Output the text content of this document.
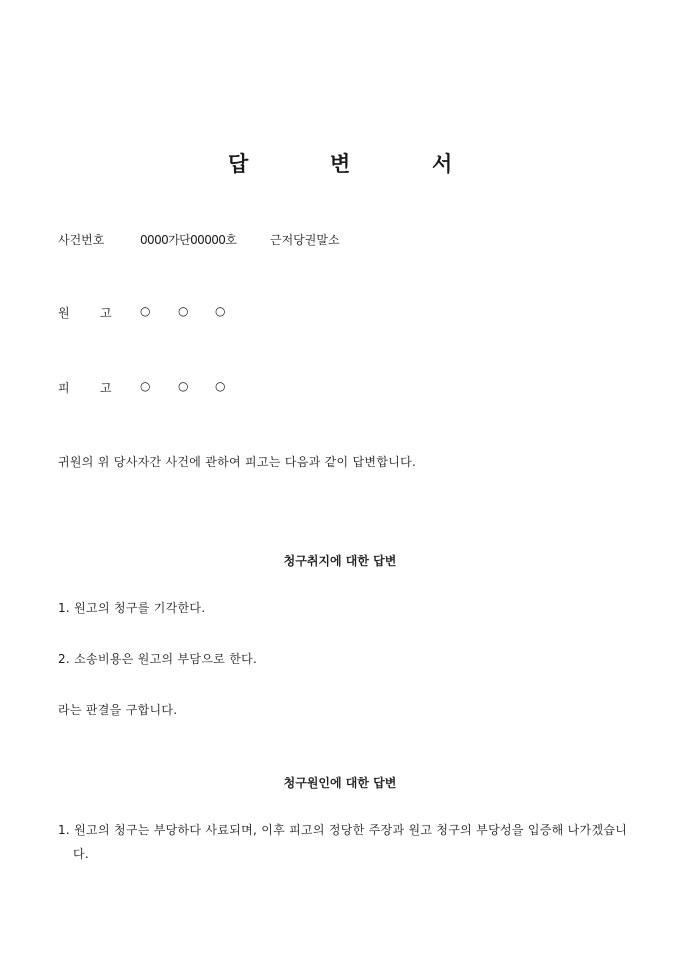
답	변	서
사건번호	0000가단00000호	근저당권말소
원	고 ○ ○ ○
피	고 ○ ○ ○
귀원의 위 당사자간 사건에 관하여 피고는 다음과 같이 답변합니다.
청구취지에 대한 답변
1. 원고의 청구를 기각한다.
2. 소송비용은 원고의 부담으로 한다.
라는 판결을 구합니다.
청구원인에 대한 답변
1. 원고의 청구는 부당하다 사료되며, 이후 피고의 정당한 주장과 원고 청구의 부당성을 입증해 나가겠습니다.
